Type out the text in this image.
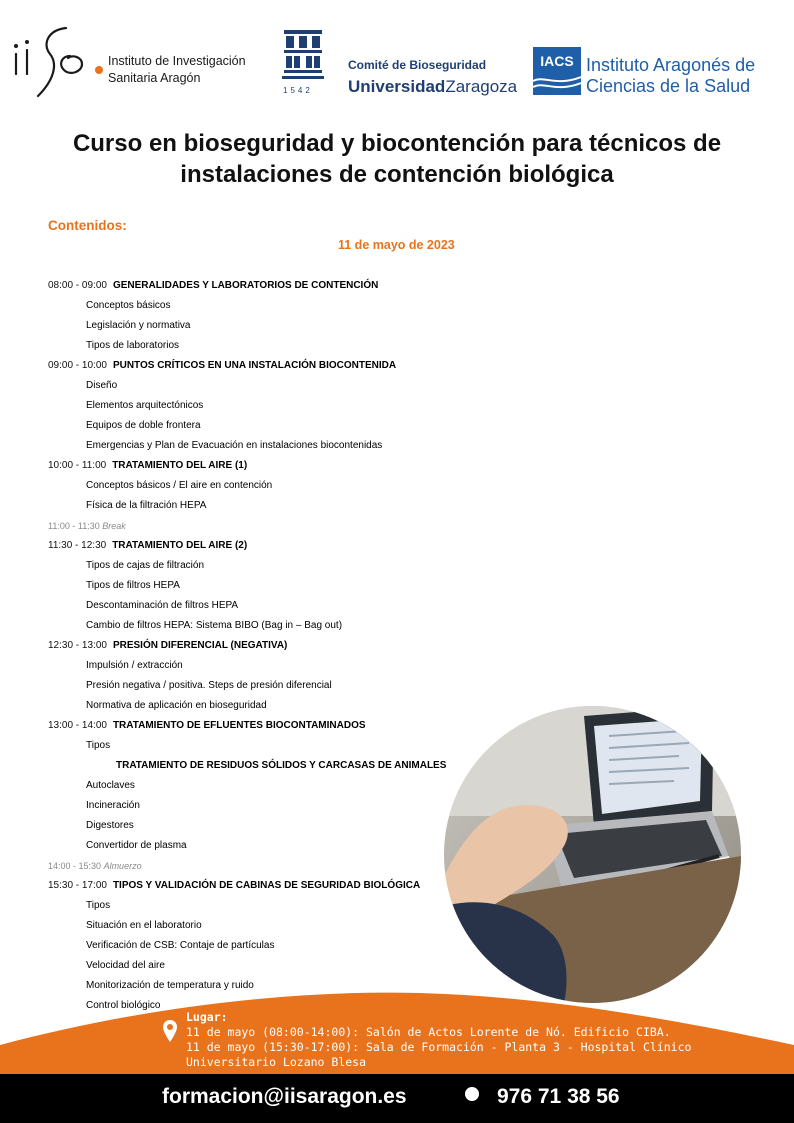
Instituto de Investigación
Sanitaria Aragón
1542
Comité de Bioseguridad
UniversidadZaragoza
IACS Instituto Aragonés de
Ciencias de la Salud
Curso en bioseguridad y biocontención para técnicos de
instalaciones de contención biológica
Contenidos:
11 de mayo de 2023
08:00 - 09:00 GENERALIDADES Y LABORATORIOS DE CONTENCIÓN
Conceptos básicos
Legislación y normativa
Tipos de laboratorios
09:00 - 10:00 PUNTOS CRÍTICOS EN UNA INSTALACIÓN BIOCONTENIDA
Diseño
Elementos arquitectónicos
Equipos de doble frontera
Emergencias y Plan de Evacuación en instalaciones biocontenidas
10:00 - 11:00 TRATAMIENTO DEL AIRE (1)
Conceptos básicos / El aire en contención
Física de la filtración HEPA
11:00 - 11:30 Break
11:30 - 12:30 TRATAMIENTO DEL AIRE (2)
Tipos de cajas de filtración
Tipos de filtros HEPA
Descontaminación de filtros HEPA
Cambio de filtros HEPA: Sistema BIBO (Bag in – Bag out)
12:30 - 13:00 PRESIÓN DIFERENCIAL (NEGATIVA)
Impulsión / extracción
Presión negativa / positiva. Steps de presión diferencial
Normativa de aplicación en bioseguridad
13:00 - 14:00 TRATAMIENTO DE EFLUENTES BIOCONTAMINADOS
Tipos
TRATAMIENTO DE RESIDUOS SÓLIDOS Y CARCASAS DE ANIMALES
Autoclaves
Incineración
Digestores
Convertidor de plasma
14:00 - 15:30 Almuerzo
15:30 - 17:00 TIPOS Y VALIDACIÓN DE CABINAS DE SEGURIDAD BIOLÓGICA
Tipos
Situación en el laboratorio
Verificación de CSB: Contaje de partículas
Velocidad del aire
Monitorización de temperatura y ruido
Control biológico
Lugar:
11 de mayo (08:00-14:00): Salón de Actos Lorente de Nó. Edificio CIBA.
11 de mayo (15:30-17:00): Sala de Formación - Planta 3 - Hospital Clínico
Universitario Lozano Blesa
formacion@iisaragon.es	976 71 38 56
